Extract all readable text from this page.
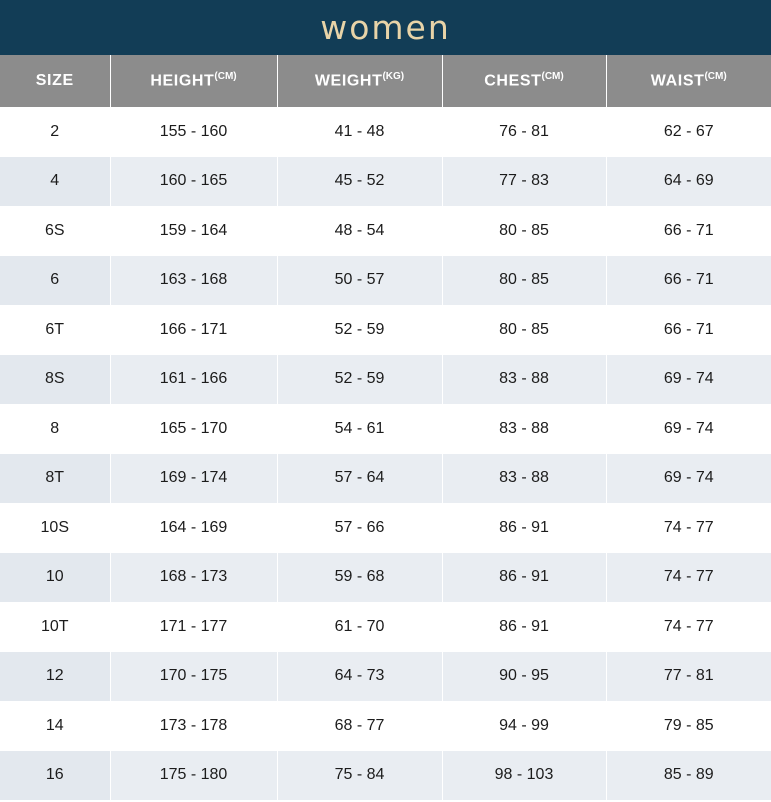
women
SIZE	$HEIGHT^{(CM)}$	$WEIGHT^{(KG)}$	$CHEST^{(CM)}$	$WAIST^{(CM)}$
2	155 - 160	41 - 48	76 - 81	62 - 67
4	160 - 165	45 - 52	77 - 83	64 - 69
6S	159 - 164	48 - 54	80 - 85	66 - 71
6	163 - 168	50 - 57	80 - 85	66 - 71
6T	166 - 171	52 - 59	80 - 85	66 - 71
8S	161 - 166	52 - 59	83 - 88	69 - 74
8	165 - 170	54 - 61	83 - 88	69 - 74
8T	169 - 174	57 - 64	83 - 88	69 - 74
10S	164 - 169	57 - 66	86 - 91	74 - 77
10	168 - 173	59 - 68	86 - 91	74 - 77
10T	171 - 177	61 - 70	86 - 91	74 - 77
12	170 - 175	64 - 73	90 - 95	77 - 81
14	173 - 178	68 - 77	94 - 99	79 - 85
16	175 - 180	75 - 84	98 - 103	85 - 89
